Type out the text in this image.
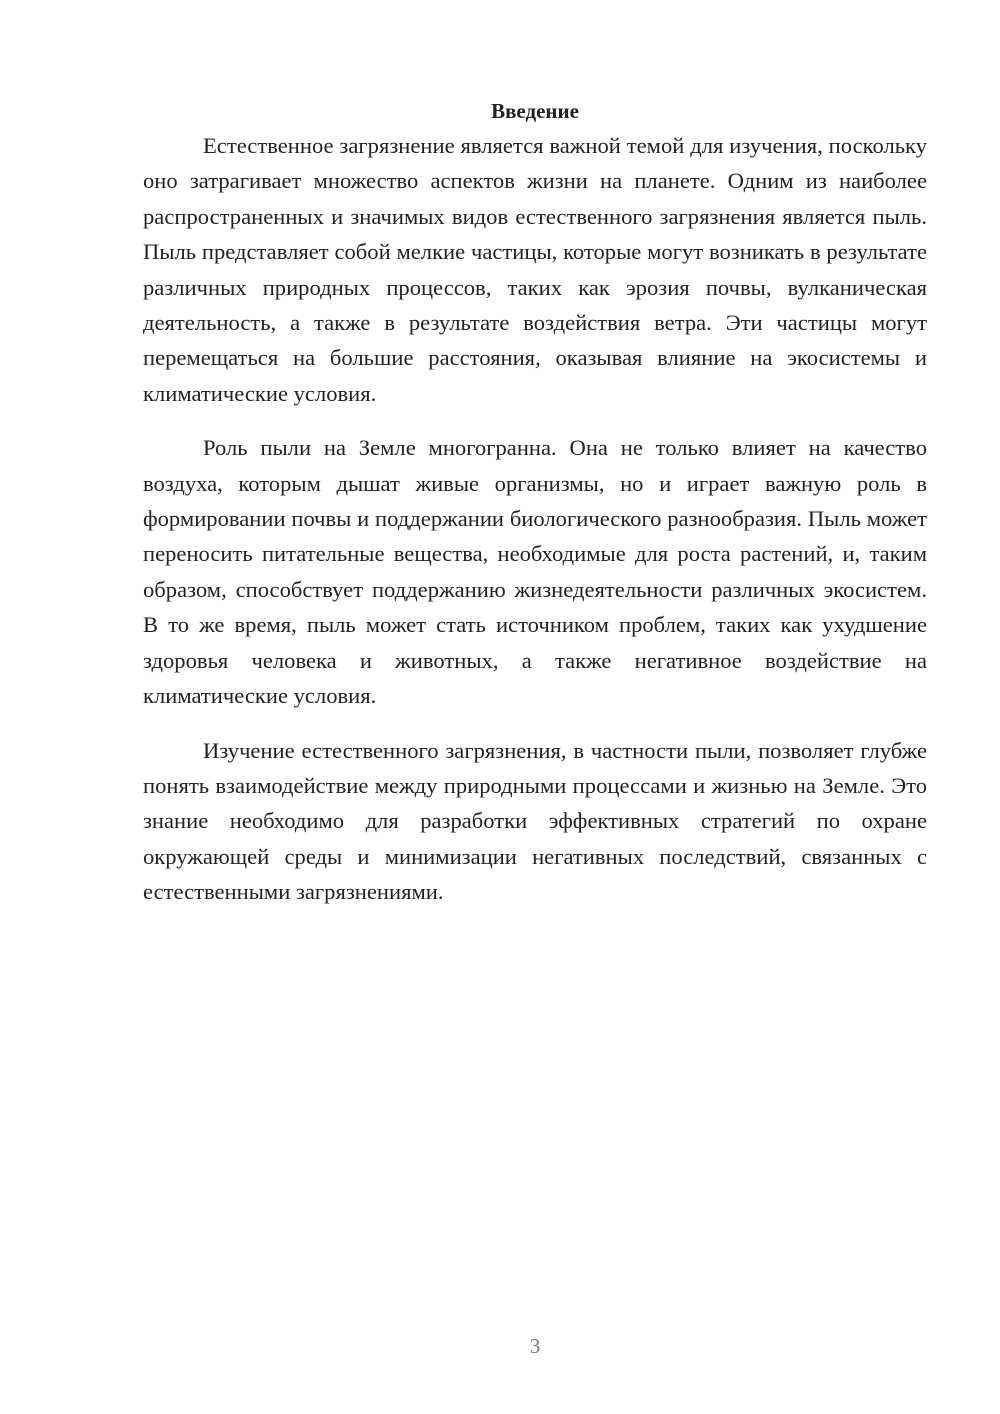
Введение

Естественное загрязнение является важной темой для изучения, поскольку оно затрагивает множество аспектов жизни на планете. Одним из наиболее распространенных и значимых видов естественного загрязнения является пыль. Пыль представляет собой мелкие частицы, которые могут возникать в результате различных природных процессов, таких как эрозия почвы, вулканическая деятельность, а также в результате воздействия ветра. Эти частицы могут перемещаться на большие расстояния, оказывая влияние на экосистемы и климатические условия.

Роль пыли на Земле многогранна. Она не только влияет на качество воздуха, которым дышат живые организмы, но и играет важную роль в формировании почвы и поддержании биологического разнообразия. Пыль может переносить питательные вещества, необходимые для роста растений, и, таким образом, способствует поддержанию жизнедеятельности различных экосистем. В то же время, пыль может стать источником проблем, таких как ухудшение здоровья человека и животных, а также негативное воздействие на климатические условия.

Изучение естественного загрязнения, в частности пыли, позволяет глубже понять взаимодействие между природными процессами и жизнью на Земле. Это знание необходимо для разработки эффективных стратегий по охране окружающей среды и минимизации негативных последствий, связанных с естественными загрязнениями.

3
